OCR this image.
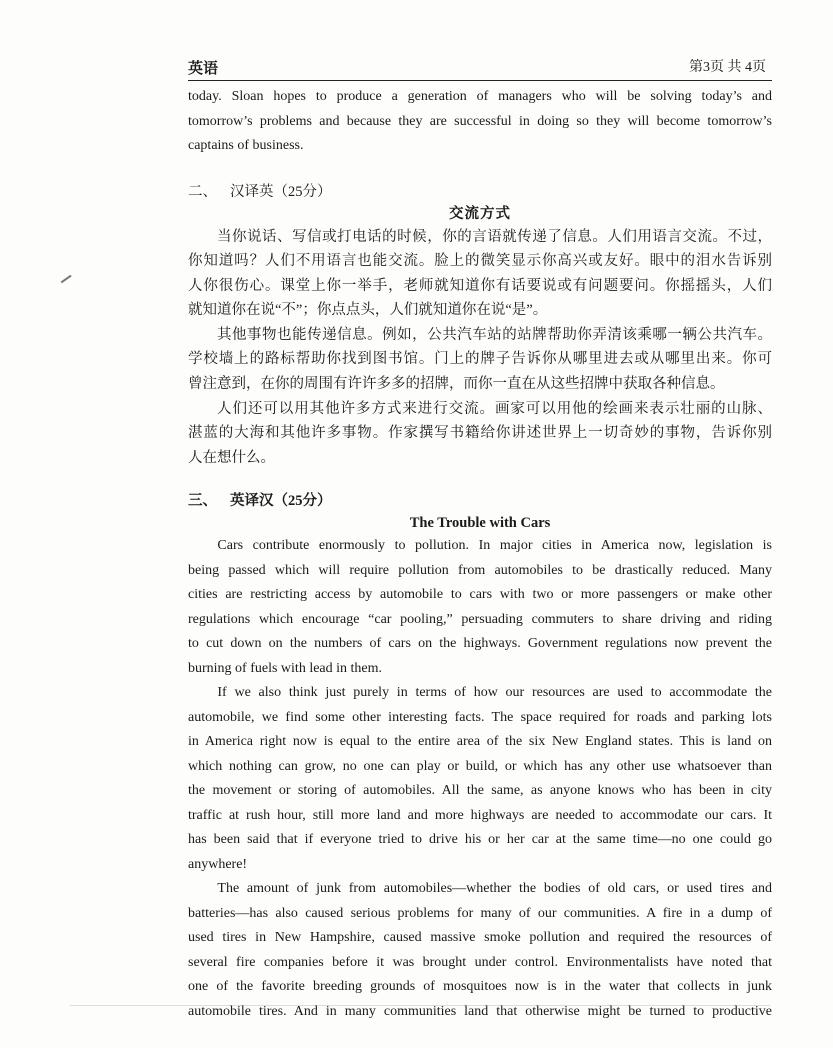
英语	第3页 共 4页
today. Sloan hopes to produce a generation of managers who will be solving today’s and
tomorrow’s problems and because they are successful in doing so they will become tomorrow’s
captains of business.
二、 汉译英（25分）
交流方式
当你说话、写信或打电话的时候，你的言语就传递了信息。人们用语言交流。不过，
你知道吗？人们不用语言也能交流。脸上的微笑显示你高兴或友好。眼中的泪水告诉别
人你很伤心。课堂上你一举手，老师就知道你有话要说或有问题要问。你摇摇头，人们
就知道你在说“不”；你点点头，人们就知道你在说“是”。
其他事物也能传递信息。例如，公共汽车站的站牌帮助你弄清该乘哪一辆公共汽车。
学校墙上的路标帮助你找到图书馆。门上的牌子告诉你从哪里进去或从哪里出来。你可
曾注意到，在你的周围有许许多多的招牌，而你一直在从这些招牌中获取各种信息。
人们还可以用其他许多方式来进行交流。画家可以用他的绘画来表示壮丽的山脉、
湛蓝的大海和其他许多事物。作家撰写书籍给你讲述世界上一切奇妙的事物，告诉你别
人在想什么。
三、 英译汉（25分）
The Trouble with Cars
Cars contribute enormously to pollution. In major cities in America now, legislation is
being passed which will require pollution from automobiles to be drastically reduced. Many
cities are restricting access by automobile to cars with two or more passengers or make other
regulations which encourage “car pooling,” persuading commuters to share driving and riding
to cut down on the numbers of cars on the highways. Government regulations now prevent the
burning of fuels with lead in them.
If we also think just purely in terms of how our resources are used to accommodate the
automobile, we find some other interesting facts. The space required for roads and parking lots
in America right now is equal to the entire area of the six New England states. This is land on
which nothing can grow, no one can play or build, or which has any other use whatsoever than
the movement or storing of automobiles. All the same, as anyone knows who has been in city
traffic at rush hour, still more land and more highways are needed to accommodate our cars. It
has been said that if everyone tried to drive his or her car at the same time—no one could go
anywhere!
The amount of junk from automobiles—whether the bodies of old cars, or used tires and
batteries—has also caused serious problems for many of our communities. A fire in a dump of
used tires in New Hampshire, caused massive smoke pollution and required the resources of
several fire companies before it was brought under control. Environmentalists have noted that
one of the favorite breeding grounds of mosquitoes now is in the water that collects in junk
automobile tires. And in many communities land that otherwise might be turned to productive
